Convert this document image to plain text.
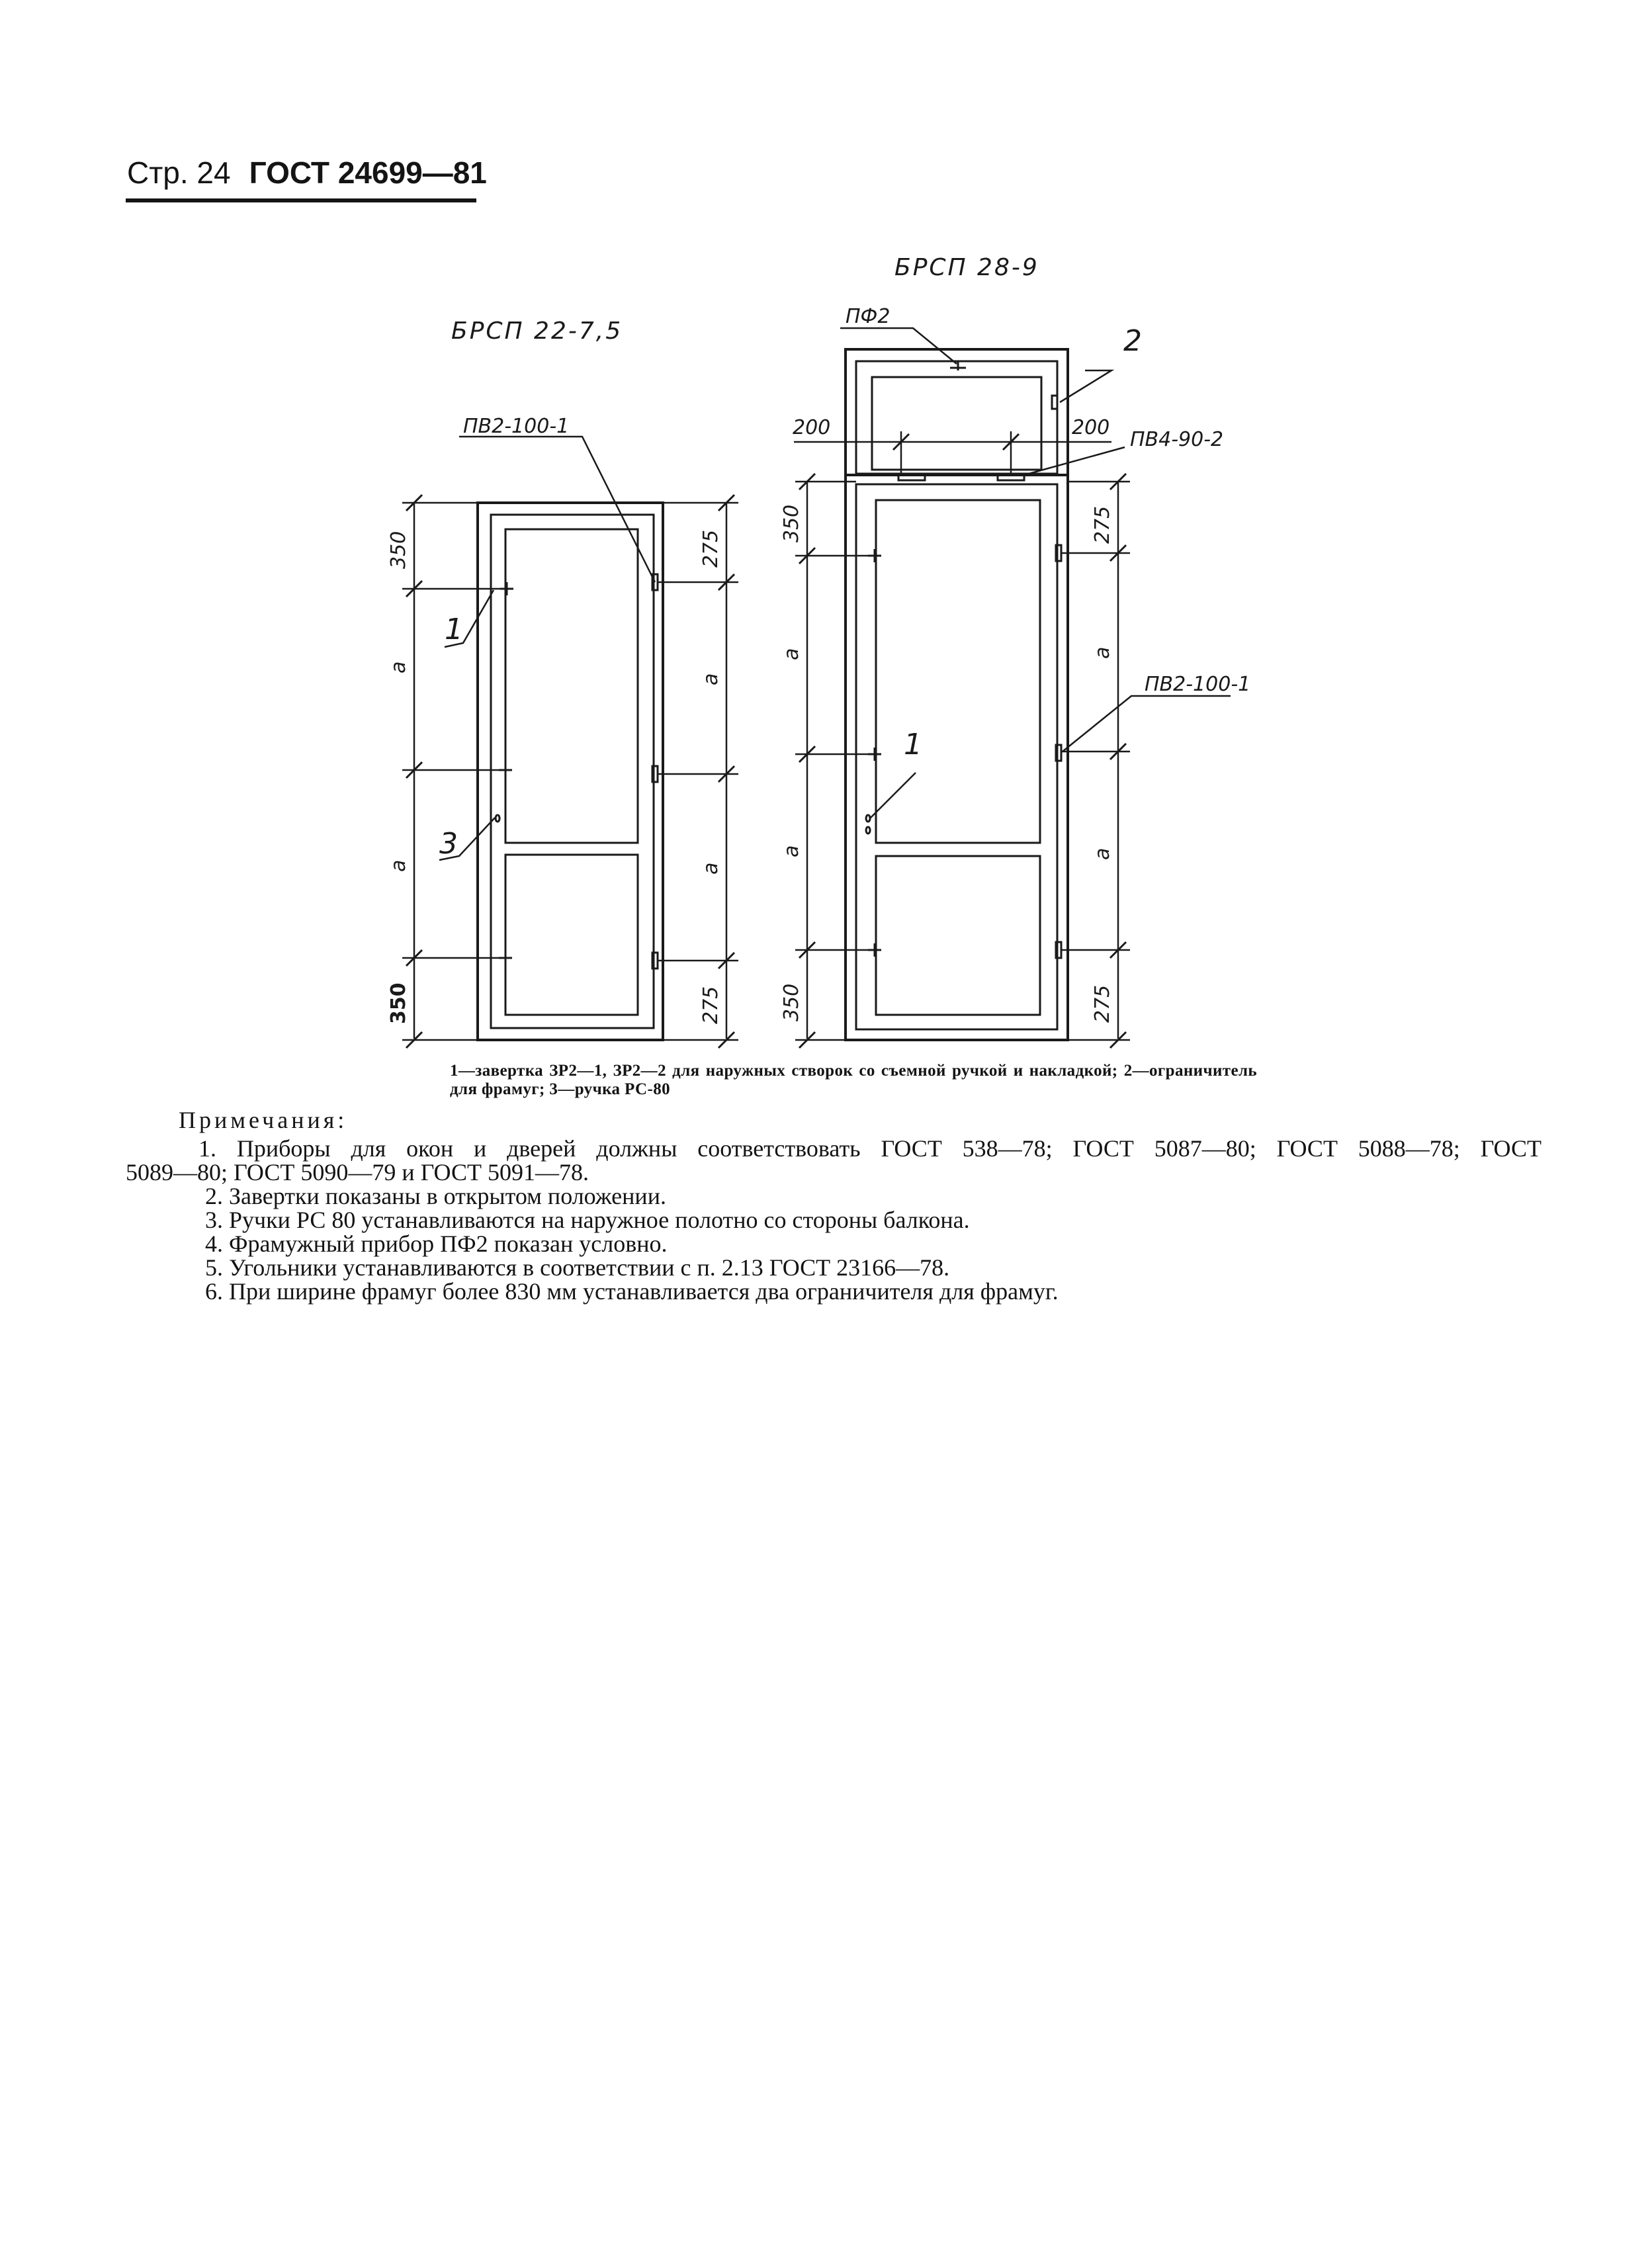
Стр. 24 ГОСТ 24699—81
БРСП 22-7,5
БРСП 28-9
ПВ2-100-1
ПФ2
ПВ4-90-2
ПВ2-100-1
1
3
2
1
200	200
350
a
a
350
275
a
a
275
350
a
a
350
275
a
a
275
1—завертка ЗР2—1, ЗР2—2 для наружных створок со съемной ручкой и накладкой; 2—ограничитель для фрамуг; 3—ручка РС-80
Примечания:

1. Приборы для окон и дверей должны соответствовать ГОСТ 538—78; ГОСТ 5087—80; ГОСТ 5088—78; ГОСТ

5089—80; ГОСТ 5090—79 и ГОСТ 5091—78.

2. Завертки показаны в открытом положении.

3. Ручки РС 80 устанавливаются на наружное полотно со стороны балкона.

4. Фрамужный прибор ПФ2 показан условно.

5. Угольники устанавливаются в соответствии с п. 2.13 ГОСТ 23166—78.

6. При ширине фрамуг более 830 мм устанавливается два ограничителя для фрамуг.
